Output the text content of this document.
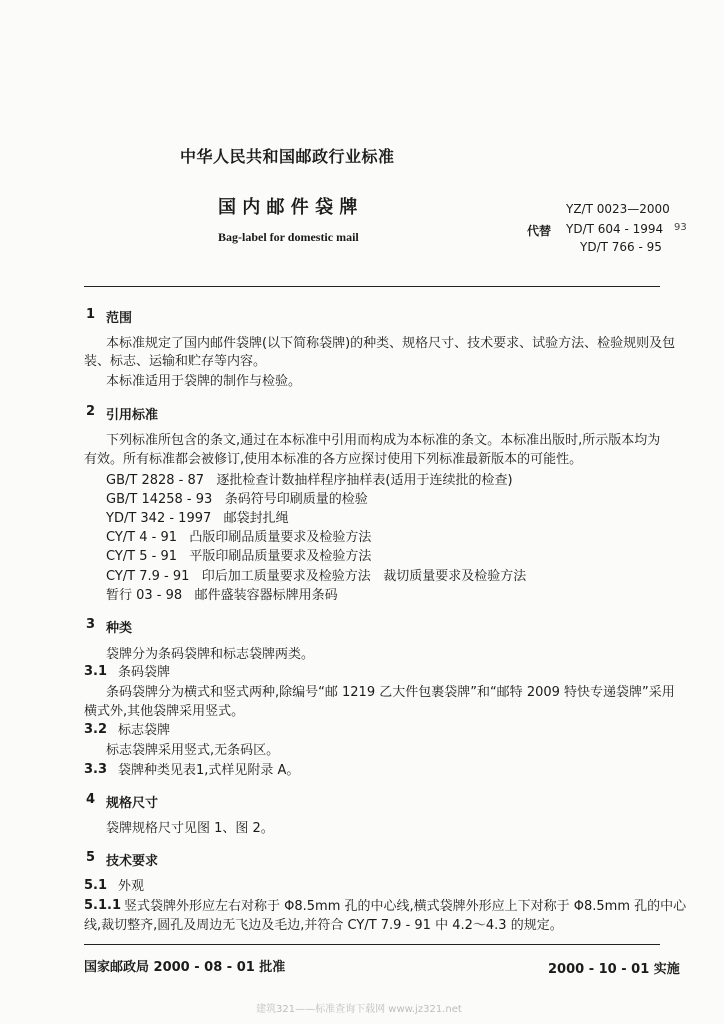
中华人民共和国邮政行业标准
国 内 邮 件 袋 牌
Bag-label for domestic mail
YZ/T 0023—2000
代替 YD/T 604 - 1994 93
YD/T 766 - 95
1 范围
本标准规定了国内邮件袋牌(以下简称袋牌)的种类、规格尺寸、技术要求、试验方法、检验规则及包
装、标志、运输和贮存等内容。
本标准适用于袋牌的制作与检验。
2 引用标准
下列标准所包含的条文,通过在本标准中引用而构成为本标准的条文。本标准出版时,所示版本均为
有效。所有标准都会被修订,使用本标准的各方应探讨使用下列标准最新版本的可能性。
GB/T 2828 - 87   逐批检查计数抽样程序抽样表(适用于连续批的检查)
GB/T 14258 - 93   条码符号印刷质量的检验
YD/T 342 - 1997   邮袋封扎绳
CY/T 4 - 91   凸版印刷品质量要求及检验方法
CY/T 5 - 91   平版印刷品质量要求及检验方法
CY/T 7.9 - 91   印后加工质量要求及检验方法   裁切质量要求及检验方法
暂行 03 - 98   邮件盛装容器标牌用条码
3 种类
袋牌分为条码袋牌和标志袋牌两类。
3.1 条码袋牌
条码袋牌分为横式和竖式两种,除编号“邮 1219 乙大件包裹袋牌”和“邮特 2009 特快专递袋牌”采用
横式外,其他袋牌采用竖式。
3.2 标志袋牌
标志袋牌采用竖式,无条码区。
3.3 袋牌种类见表1,式样见附录 A。
4 规格尺寸
袋牌规格尺寸见图 1、图 2。
5 技术要求
5.1 外观
5.1.1 竖式袋牌外形应左右对称于 Φ8.5mm 孔的中心线,横式袋牌外形应上下对称于 Φ8.5mm 孔的中心
线,裁切整齐,圆孔及周边无飞边及毛边,并符合 CY/T 7.9 - 91 中 4.2～4.3 的规定。
国家邮政局 2000 - 08 - 01 批准	2000 - 10 - 01 实施
建筑321——标准查询下载网 www.jz321.net
